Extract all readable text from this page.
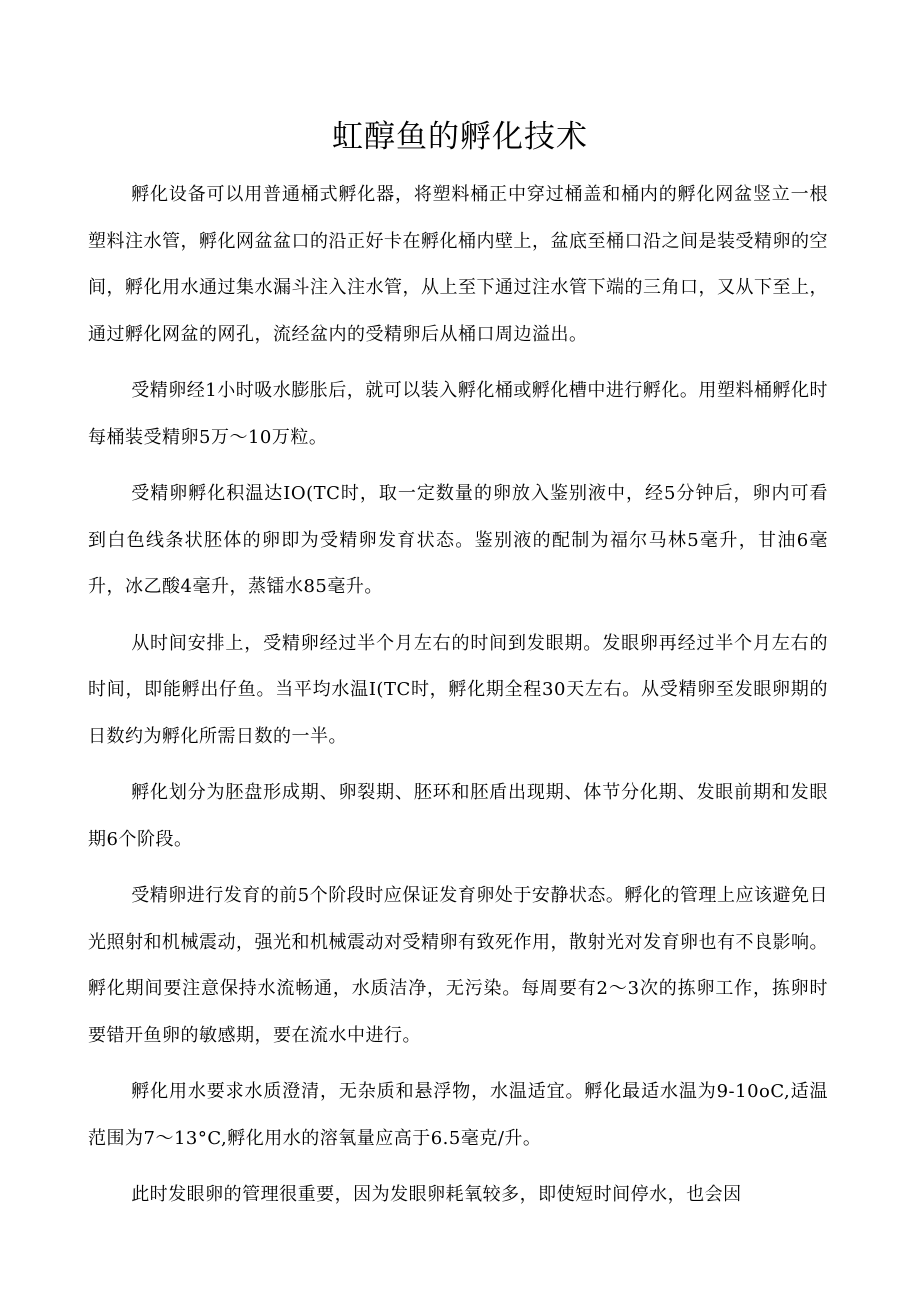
虹醇鱼的孵化技术

孵化设备可以用普通桶式孵化器，将塑料桶正中穿过桶盖和桶内的孵化网盆竖立一根塑料注水管，孵化网盆盆口的沿正好卡在孵化桶内壁上，盆底至桶口沿之间是装受精卵的空间，孵化用水通过集水漏斗注入注水管，从上至下通过注水管下端的三角口，又从下至上，通过孵化网盆的网孔，流经盆内的受精卵后从桶口周边溢出。

受精卵经1小时吸水膨胀后，就可以装入孵化桶或孵化槽中进行孵化。用塑料桶孵化时每桶装受精卵5万～10万粒。

受精卵孵化积温达IO(TC时，取一定数量的卵放入鉴别液中，经5分钟后，卵内可看到白色线条状胚体的卵即为受精卵发育状态。鉴别液的配制为福尔马林5毫升，甘油6毫升，冰乙酸4毫升，蒸镭水85毫升。

从时间安排上，受精卵经过半个月左右的时间到发眼期。发眼卵再经过半个月左右的时间，即能孵出仔鱼。当平均水温I(TC时，孵化期全程30天左右。从受精卵至发眼卵期的日数约为孵化所需日数的一半。

孵化划分为胚盘形成期、卵裂期、胚环和胚盾出现期、体节分化期、发眼前期和发眼期6个阶段。

受精卵进行发育的前5个阶段时应保证发育卵处于安静状态。孵化的管理上应该避免日光照射和机械震动，强光和机械震动对受精卵有致死作用，散射光对发育卵也有不良影响。孵化期间要注意保持水流畅通，水质洁净，无污染。每周要有2～3次的拣卵工作，拣卵时要错开鱼卵的敏感期，要在流水中进行。

孵化用水要求水质澄清，无杂质和悬浮物，水温适宜。孵化最适水温为9-10oC,适温范围为7～13°C,孵化用水的溶氧量应高于6.5毫克/升。

此时发眼卵的管理很重要，因为发眼卵耗氧较多，即使短时间停水，也会因
